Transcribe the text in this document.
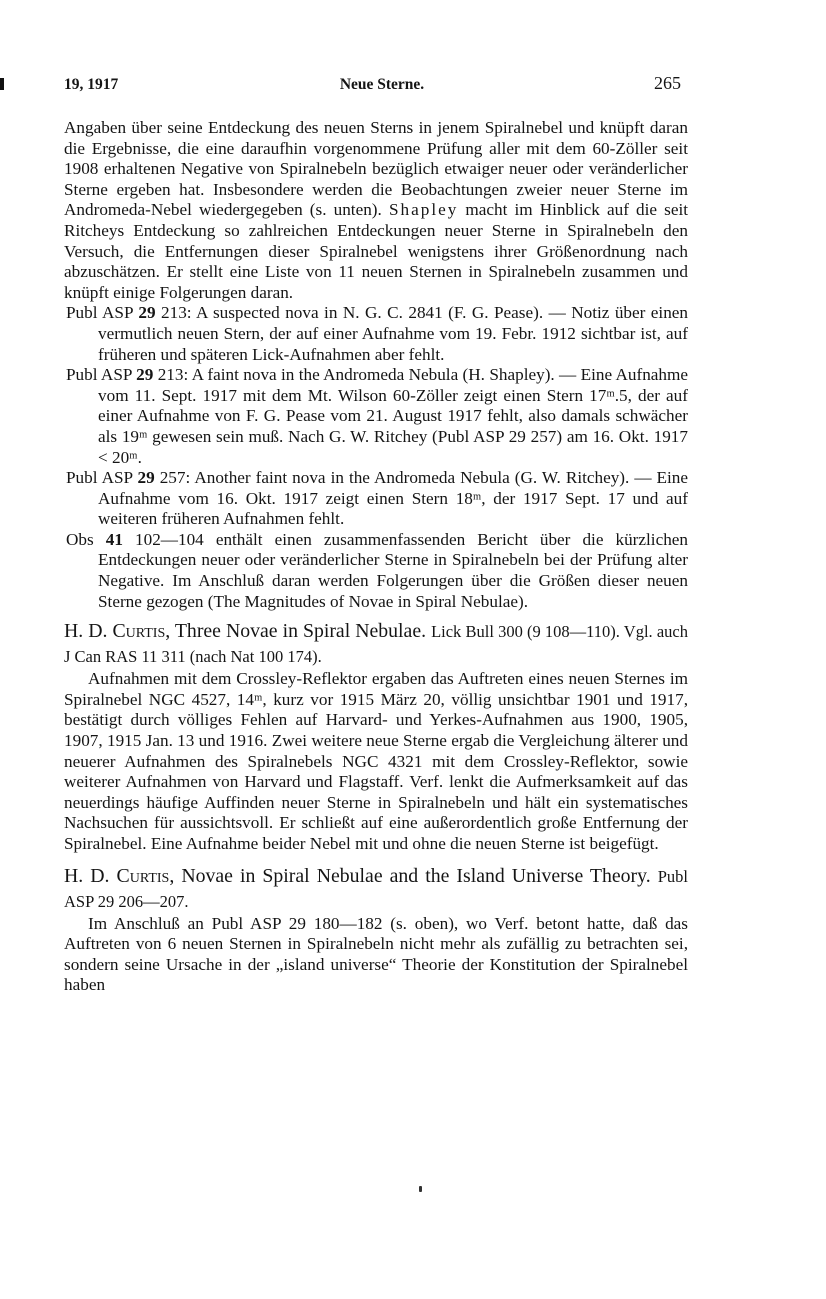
19, 1917	Neue Sterne.	265

Angaben über seine Entdeckung des neuen Sterns in jenem Spiralnebel und knüpft daran die Ergebnisse, die eine daraufhin vorgenommene Prüfung aller mit dem 60-Zöller seit 1908 erhaltenen Negative von Spiralnebeln bezüglich etwaiger neuer oder veränderlicher Sterne ergeben hat. Insbesondere werden die Beobachtungen zweier neuer Sterne im Andromeda-Nebel wiedergegeben (s. unten). Shapley macht im Hinblick auf die seit Ritcheys Entdeckung so zahlreichen Entdeckungen neuer Sterne in Spiralnebeln den Versuch, die Entfernungen dieser Spiralnebel wenigstens ihrer Größenordnung nach abzuschätzen. Er stellt eine Liste von 11 neuen Sternen in Spiralnebeln zusammen und knüpft einige Folgerungen daran.

Publ ASP 29 213: A suspected nova in N. G. C. 2841 (F. G. Pease). — Notiz über einen vermutlich neuen Stern, der auf einer Aufnahme vom 19. Febr. 1912 sichtbar ist, auf früheren und späteren Lick-Aufnahmen aber fehlt.

Publ ASP 29 213: A faint nova in the Andromeda Nebula (H. Shapley). — Eine Aufnahme vom 11. Sept. 1917 mit dem Mt. Wilson 60-Zöller zeigt einen Stern 17ᵐ.5, der auf einer Aufnahme von F. G. Pease vom 21. August 1917 fehlt, also damals schwächer als 19ᵐ gewesen sein muß. Nach G. W. Ritchey (Publ ASP 29 257) am 16. Okt. 1917 < 20ᵐ.

Publ ASP 29 257: Another faint nova in the Andromeda Nebula (G. W. Ritchey). — Eine Aufnahme vom 16. Okt. 1917 zeigt einen Stern 18ᵐ, der 1917 Sept. 17 und auf weiteren früheren Aufnahmen fehlt.

Obs 41 102—104 enthält einen zusammenfassenden Bericht über die kürzlichen Entdeckungen neuer oder veränderlicher Sterne in Spiralnebeln bei der Prüfung alter Negative. Im Anschluß daran werden Folgerungen über die Größen dieser neuen Sterne gezogen (The Magnitudes of Novae in Spiral Nebulae).

H. D. Curtis, Three Novae in Spiral Nebulae. Lick Bull 300 (9 108—110). Vgl. auch J Can RAS 11 311 (nach Nat 100 174).

Aufnahmen mit dem Crossley-Reflektor ergaben das Auftreten eines neuen Sternes im Spiralnebel NGC 4527, 14ᵐ, kurz vor 1915 März 20, völlig unsichtbar 1901 und 1917, bestätigt durch völliges Fehlen auf Harvard- und Yerkes-Aufnahmen aus 1900, 1905, 1907, 1915 Jan. 13 und 1916. Zwei weitere neue Sterne ergab die Vergleichung älterer und neuerer Aufnahmen des Spiralnebels NGC 4321 mit dem Crossley-Reflektor, sowie weiterer Aufnahmen von Harvard und Flagstaff. Verf. lenkt die Aufmerksamkeit auf das neuerdings häufige Auffinden neuer Sterne in Spiralnebeln und hält ein systematisches Nachsuchen für aussichtsvoll. Er schließt auf eine außerordentlich große Entfernung der Spiralnebel. Eine Aufnahme beider Nebel mit und ohne die neuen Sterne ist beigefügt.

H. D. Curtis, Novae in Spiral Nebulae and the Island Universe Theory. Publ ASP 29 206—207.

Im Anschluß an Publ ASP 29 180—182 (s. oben), wo Verf. betont hatte, daß das Auftreten von 6 neuen Sternen in Spiralnebeln nicht mehr als zufällig zu betrachten sei, sondern seine Ursache in der „island universe“ Theorie der Konstitution der Spiralnebel haben
